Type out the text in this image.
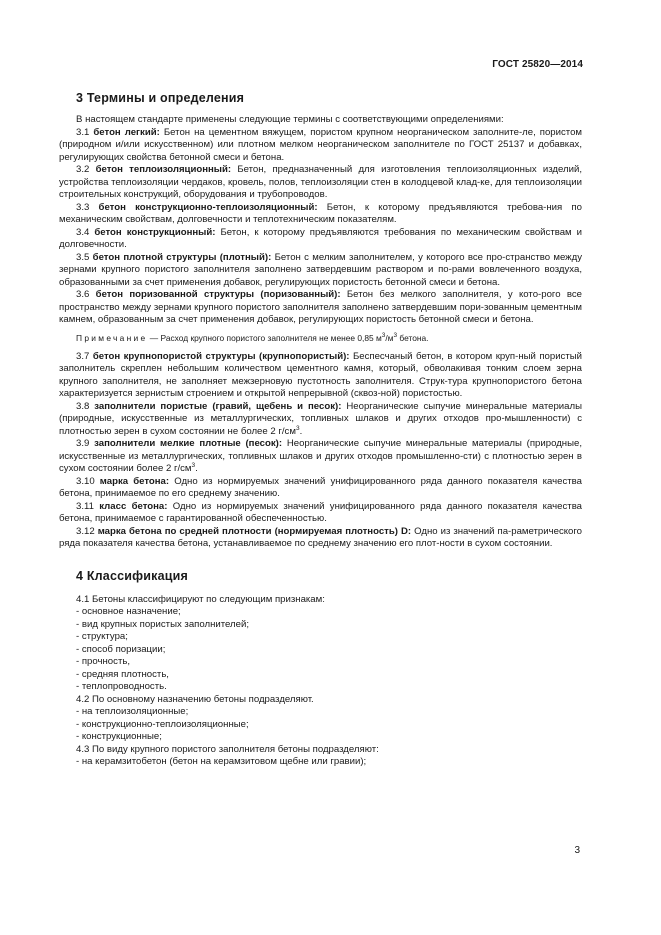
ГОСТ 25820—2014
3 Термины и определения

В настоящем стандарте применены следующие термины с соответствующими определениями:

3.1 бетон легкий: Бетон на цементном вяжущем, пористом крупном неорганическом заполните-ле, пористом (природном и/или искусственном) или плотном мелком неорганическом заполнителе по ГОСТ 25137 и добавках, регулирующих свойства бетонной смеси и бетона.

3.2 бетон теплоизоляционный: Бетон, предназначенный для изготовления теплоизоляционных изделий, устройства теплоизоляции чердаков, кровель, полов, теплоизоляции стен в колодцевой клад-ке, для теплоизоляции строительных конструкций, оборудования и трубопроводов.

3.3 бетон конструкционно-теплоизоляционный: Бетон, к которому предъявляются требова-ния по механическим свойствам, долговечности и теплотехническим показателям.

3.4 бетон конструкционный: Бетон, к которому предъявляются требования по механическим свойствам и долговечности.

3.5 бетон плотной структуры (плотный): Бетон с мелким заполнителем, у которого все про-странство между зернами крупного пористого заполнителя заполнено затвердевшим раствором и по-рами вовлеченного воздуха, образованными за счет применения добавок, регулирующих пористость бетонной смеси и бетона.

3.6 бетон поризованной структуры (поризованный): Бетон без мелкого заполнителя, у кото-рого все пространство между зернами крупного пористого заполнителя заполнено затвердевшим пори-зованным цементным камнем, образованным за счет применения добавок, регулирующих пористость бетонной смеси и бетона.

Примечание — Расход крупного пористого заполнителя не менее 0,85 $м^3/м^3$ бетона.

3.7 бетон крупнопористой структуры (крупнопористый): Беспесчаный бетон, в котором круп-ный пористый заполнитель скреплен небольшим количеством цементного камня, который, обволакивая тонким слоем зерна крупного заполнителя, не заполняет межзерновую пустотность заполнителя. Струк-тура крупнопористого бетона характеризуется зернистым строением и открытой непрерывной (сквоз-ной) пористостью.

3.8 заполнители пористые (гравий, щебень и песок): Неорганические сыпучие минеральные материалы (природные, искусственные из металлургических, топливных шлаков и других отходов про-мышленности) с плотностью зерен в сухом состоянии не более 2 $г/см^3$.

3.9 заполнители мелкие плотные (песок): Неорганические сыпучие минеральные материалы (природные, искусственные из металлургических, топливных шлаков и других отходов промышленно-сти) с плотностью зерен в сухом состоянии более 2 $г/см^3$.

3.10 марка бетона: Одно из нормируемых значений унифицированного ряда данного показателя качества бетона, принимаемое по его среднему значению.

3.11 класс бетона: Одно из нормируемых значений унифицированного ряда данного показателя качества бетона, принимаемое с гарантированной обеспеченностью.

3.12 марка бетона по средней плотности (нормируемая плотность) D: Одно из значений па-раметрического ряда показателя качества бетона, устанавливаемое по среднему значению его плот-ности в сухом состоянии.

4 Классификация

4.1 Бетоны классифицируют по следующим признакам:

- основное назначение;

- вид крупных пористых заполнителей;

- структура;

- способ поризации;

- прочность,

- средняя плотность,

- теплопроводность.

4.2 По основному назначению бетоны подразделяют.

- на теплоизоляционные;

- конструкционно-теплоизоляционные;

- конструкционные;

4.3 По виду крупного пористого заполнителя бетоны подразделяют:

- на керамзитобетон (бетон на керамзитовом щебне или гравии);

3
